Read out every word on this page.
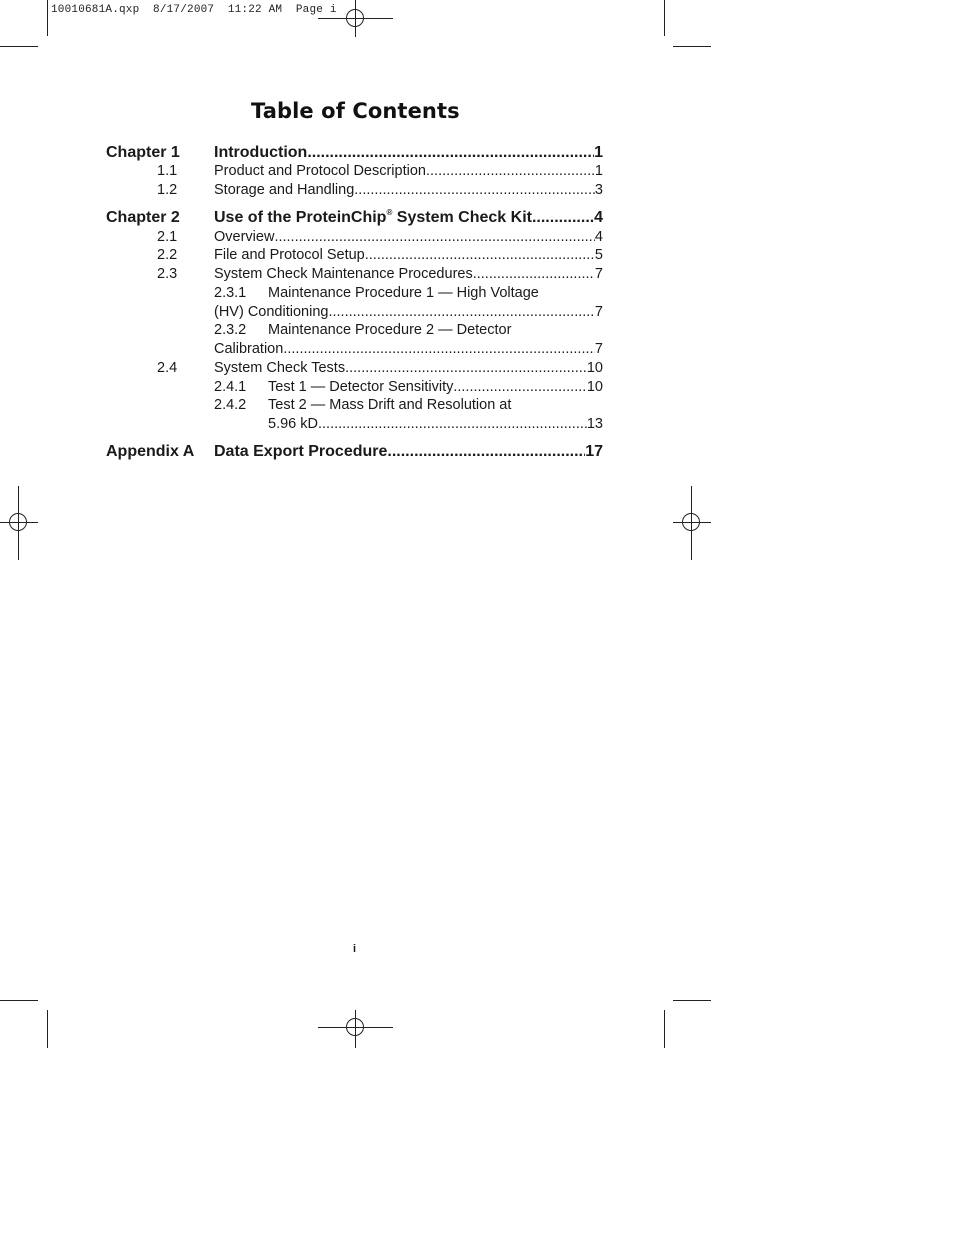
10010681A.qxp  8/17/2007  11:22 AM  Page i
Table of Contents
Chapter 1 Introduction .....	1
1.1	Product and Protocol Description .....	1
1.2	Storage and Handling .....	3
Chapter 2 Use of the ProteinChip® System Check Kit .....	4
2.1	Overview .....	4
2.2	File and Protocol Setup .....	5
2.3	System Check Maintenance Procedures .....	7
2.3.1 Maintenance Procedure 1 — High Voltage
(HV) Conditioning .....	7
2.3.2 Maintenance Procedure 2 — Detector
Calibration .....	7
2.4	System Check Tests .....	10
2.4.1 Test 1 — Detector Sensitivity .....	10
2.4.2 Test 2 — Mass Drift and Resolution at
5.96 kD .....	13
Appendix A Data Export Procedure .....	17
i
